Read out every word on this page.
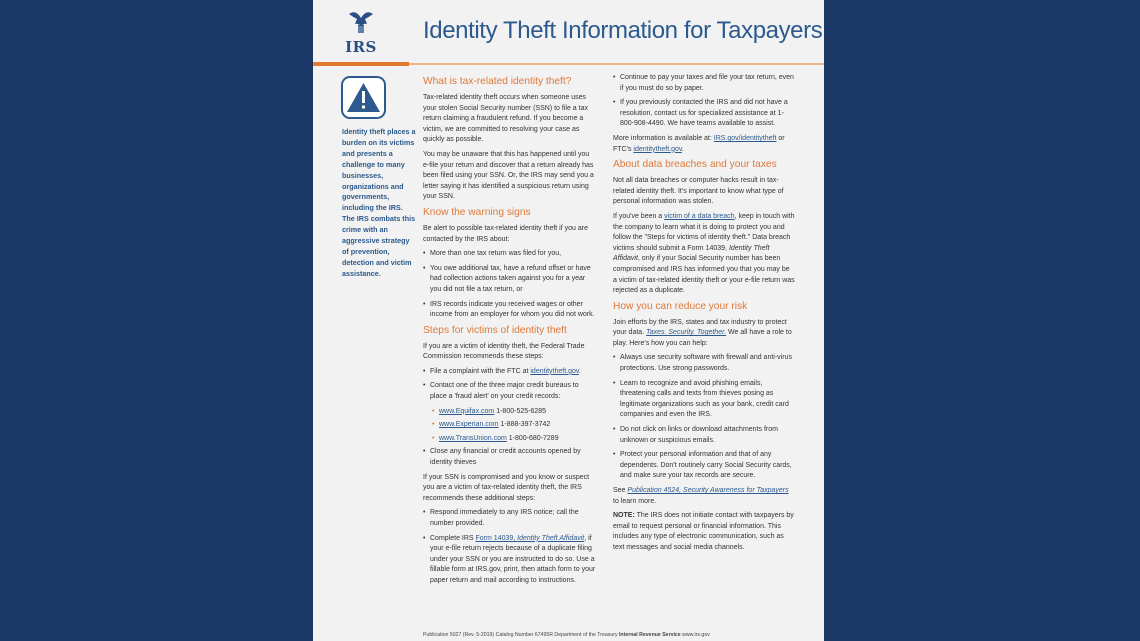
IRS
Identity Theft Information for Taxpayers
Identity theft places a burden on its victims and presents a challenge to many businesses, organizations and governments, including the IRS. The IRS combats this crime with an aggressive strategy of prevention, detection and victim assistance.
What is tax-related identity theft?

Tax-related identity theft occurs when someone uses your stolen Social Security number (SSN) to file a tax return claiming a fraudulent refund. If you become a victim, we are committed to resolving your case as quickly as possible.

You may be unaware that this has happened until you e-file your return and discover that a return already has been filed using your SSN. Or, the IRS may send you a letter saying it has identified a suspicious return using your SSN.

Know the warning signs

Be alert to possible tax-related identity theft if you are contacted by the IRS about:

• More than one tax return was filed for you,
• You owe additional tax, have a refund offset or have had collection actions taken against you for a year you did not file a tax return, or
• IRS records indicate you received wages or other income from an employer for whom you did not work.
Steps for victims of identity theft

If you are a victim of identity theft, the Federal Trade Commission recommends these steps:

• File a complaint with the FTC at identitytheft.gov.
• Contact one of the three major credit bureaus to place a 'fraud alert' on your credit records:
• www.Equifax.com 1-800-525-6285
• www.Experian.com 1-888-397-3742
• www.TransUnion.com 1-800-680-7289
• Close any financial or credit accounts opened by identity thieves

If your SSN is compromised and you know or suspect you are a victim of tax-related identity theft, the IRS recommends these additional steps:

• Respond immediately to any IRS notice; call the number provided.
• Complete IRS Form 14039, Identity Theft Affidavit, if your e-file return rejects because of a duplicate filing under your SSN or you are instructed to do so. Use a fillable form at IRS.gov, print, then attach form to your paper return and mail according to instructions.
• Continue to pay your taxes and file your tax return, even if you must do so by paper.
• If you previously contacted the IRS and did not have a resolution, contact us for specialized assistance at 1-800-908-4490. We have teams available to assist.

More information is available at: IRS.gov/identitytheft or FTC's identitytheft.gov.

About data breaches and your taxes

Not all data breaches or computer hacks result in tax-related identity theft. It's important to know what type of personal information was stolen.

If you've been a victim of a data breach, keep in touch with the company to learn what it is doing to protect you and follow the "Steps for victims of identity theft." Data breach victims should submit a Form 14039, Identity Theft Affidavit, only if your Social Security number has been compromised and IRS has informed you that you may be a victim of tax-related identity theft or your e-file return was rejected as a duplicate.

How you can reduce your risk

Join efforts by the IRS, states and tax industry to protect your data. Taxes. Security. Together. We all have a role to play. Here's how you can help:

• Always use security software with firewall and anti-virus protections. Use strong passwords.
• Learn to recognize and avoid phishing emails, threatening calls and texts from thieves posing as legitimate organizations such as your bank, credit card companies and even the IRS.
• Do not click on links or download attachments from unknown or suspicious emails.
• Protect your personal information and that of any dependents. Don't routinely carry Social Security cards, and make sure your tax records are secure.

See Publication 4524, Security Awareness for Taxpayers to learn more.

NOTE: The IRS does not initiate contact with taxpayers by email to request personal or financial information. This includes any type of electronic communication, such as text messages and social media channels.

Publication 5027 (Rev. 5-2019) Catalog Number 67495R Department of the Treasury Internal Revenue Service www.irs.gov
